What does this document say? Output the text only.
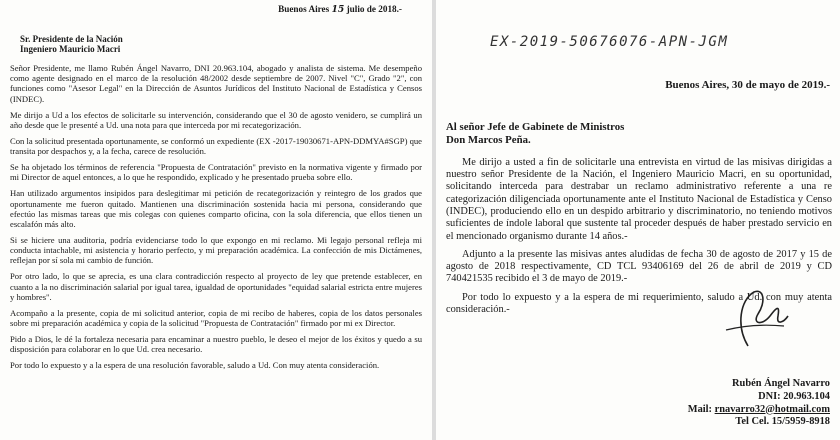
Buenos Aires 15 julio de 2018.-
Sr. Presidente de la Nación
Ingeniero Mauricio Macri

Señor Presidente, me llamo Rubén Ángel Navarro, DNI 20.963.104, abogado y analista de sistema. Me desempeño como agente designado en el marco de la resolución 48/2002 desde septiembre de 2007. Nivel "C", Grado "2", con funciones como "Asesor Legal" en la Dirección de Asuntos Jurídicos del Instituto Nacional de Estadística y Censos (INDEC).

Me dirijo a Ud a los efectos de solicitarle su intervención, considerando que el 30 de agosto venidero, se cumplirá un año desde que le presenté a Ud. una nota para que interceda por mi recategorización.

Con la solicitud presentada oportunamente, se conformó un expediente (EX -2017-19030671-APN-DDMYA#SGP) que transita por despachos y, a la fecha, carece de resolución.

Se ha objetado los términos de referencia "Propuesta de Contratación" previsto en la normativa vigente y firmado por mi Director de aquel entonces, a lo que he respondido, explicado y he presentado prueba sobre ello.

Han utilizado argumentos insipidos para deslegitimar mi petición de recategorización y reintegro de los grados que oportunamente me fueron quitado. Mantienen una discriminación sostenida hacia mi persona, considerando que efectúo las mismas tareas que mis colegas con quienes comparto oficina, con la sola diferencia, que ellos tienen un escalafón más alto.

Si se hiciere una auditoria, podría evidenciarse todo lo que expongo en mi reclamo. Mi legajo personal refleja mi conducta intachable, mi asistencia y horario perfecto, y mi preparación académica. La confección de mis Dictámenes, reflejan por sí sola mi cambio de función.

Por otro lado, lo que se aprecia, es una clara contradicción respecto al proyecto de ley que pretende establecer, en cuanto a la no discriminación salarial por igual tarea, igualdad de oportunidades "equidad salarial estricta entre mujeres y hombres".

Acompaño a la presente, copia de mi solicitud anterior, copia de mi recibo de haberes, copia de los datos personales sobre mi preparación académica y copia de la solicitud "Propuesta de Contratación" firmado por mi ex Director.

Pido a Dios, le dé la fortaleza necesaria para encaminar a nuestro pueblo, le deseo el mejor de los éxitos y quedo a su disposición para colaborar en lo que Ud. crea necesario.

Por todo lo expuesto y a la espera de una resolución favorable, saludo a Ud. Con muy atenta consideración.

EX-2019-50676076-APN-JGM
Buenos Aires, 30 de mayo de 2019.-
Al señor Jefe de Gabinete de Ministros
Don Marcos Peña.

Me dirijo a usted a fin de solicitarle una entrevista en virtud de las misivas dirigidas a nuestro señor Presidente de la Nación, el Ingeniero Mauricio Macri, en su oportunidad, solicitando interceda para destrabar un reclamo administrativo referente a una re categorización diligenciada oportunamente ante el Instituto Nacional de Estadística y Censo (INDEC), produciendo ello en un despido arbitrario y discriminatorio, no teniendo motivos suficientes de índole laboral que sustente tal proceder después de haber prestado servicio en el mencionado organismo durante 14 años.-

Adjunto a la presente las misivas antes aludidas de fecha 30 de agosto de 2017 y 15 de agosto de 2018 respectivamente, CD TCL 93406169 del 26 de abril de 2019 y CD 740421535 recibido el 3 de mayo de 2019.-

Por todo lo expuesto y a la espera de mi requerimiento, saludo a Ud. con muy atenta consideración.-

Rubén Ángel Navarro
DNI: 20.963.104
Mail: rnavarro32@hotmail.com
Tel Cel. 15/5959-8918
